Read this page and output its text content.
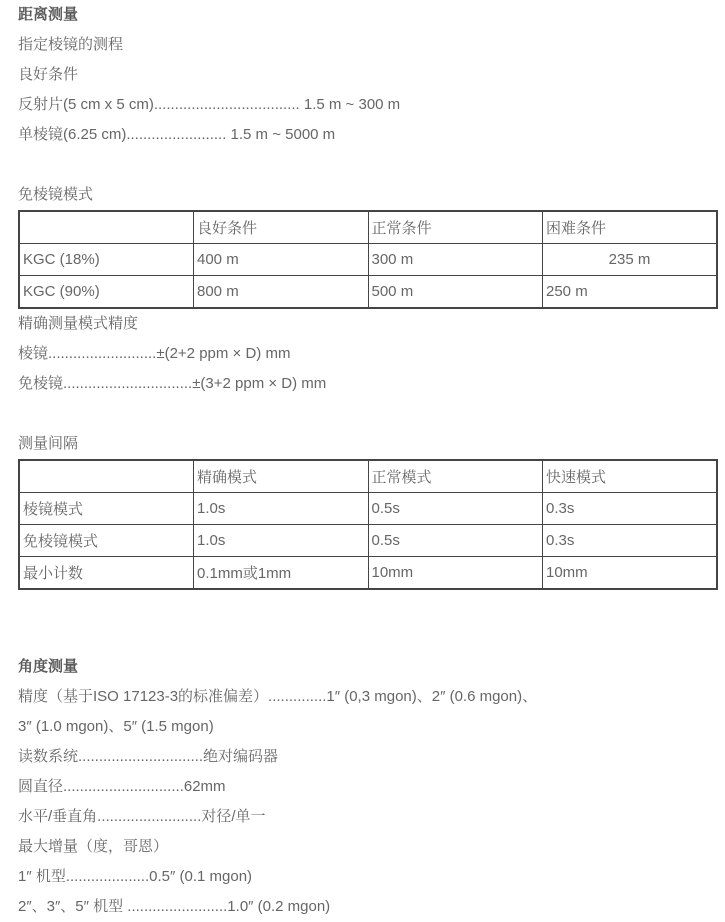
距离测量

指定棱镜的测程

良好条件

反射片(5 cm x 5 cm)................................... 1.5 m ~ 300 m

单棱镜(6.25 cm)........................ 1.5 m ~ 5000 m

免棱镜模式

	良好条件	正常条件	困难条件
KGC (18%)	400 m	300 m	235 m
KGC (90%)	800 m	500 m	250 m

精确测量模式精度

棱镜..........................±(2+2 ppm × D) mm

免棱镜...............................±(3+2 ppm × D) mm

测量间隔

	精确模式	正常模式	快速模式
棱镜模式	1.0s	0.5s	0.3s
免棱镜模式	1.0s	0.5s	0.3s
最小计数	0.1mm或1mm	10mm	10mm

角度测量

精度（基于ISO 17123-3的标准偏差）..............1″ (0,3 mgon)、2″ (0.6 mgon)、

3″ (1.0 mgon)、5″ (1.5 mgon)

读数系统..............................绝对编码器

圆直径.............................62mm

水平/垂直角.........................对径/单一

最大增量（度，哥恩）

1″ 机型....................0.5″ (0.1 mgon)

2″、3″、5″ 机型 ........................1.0″ (0.2 mgon)
